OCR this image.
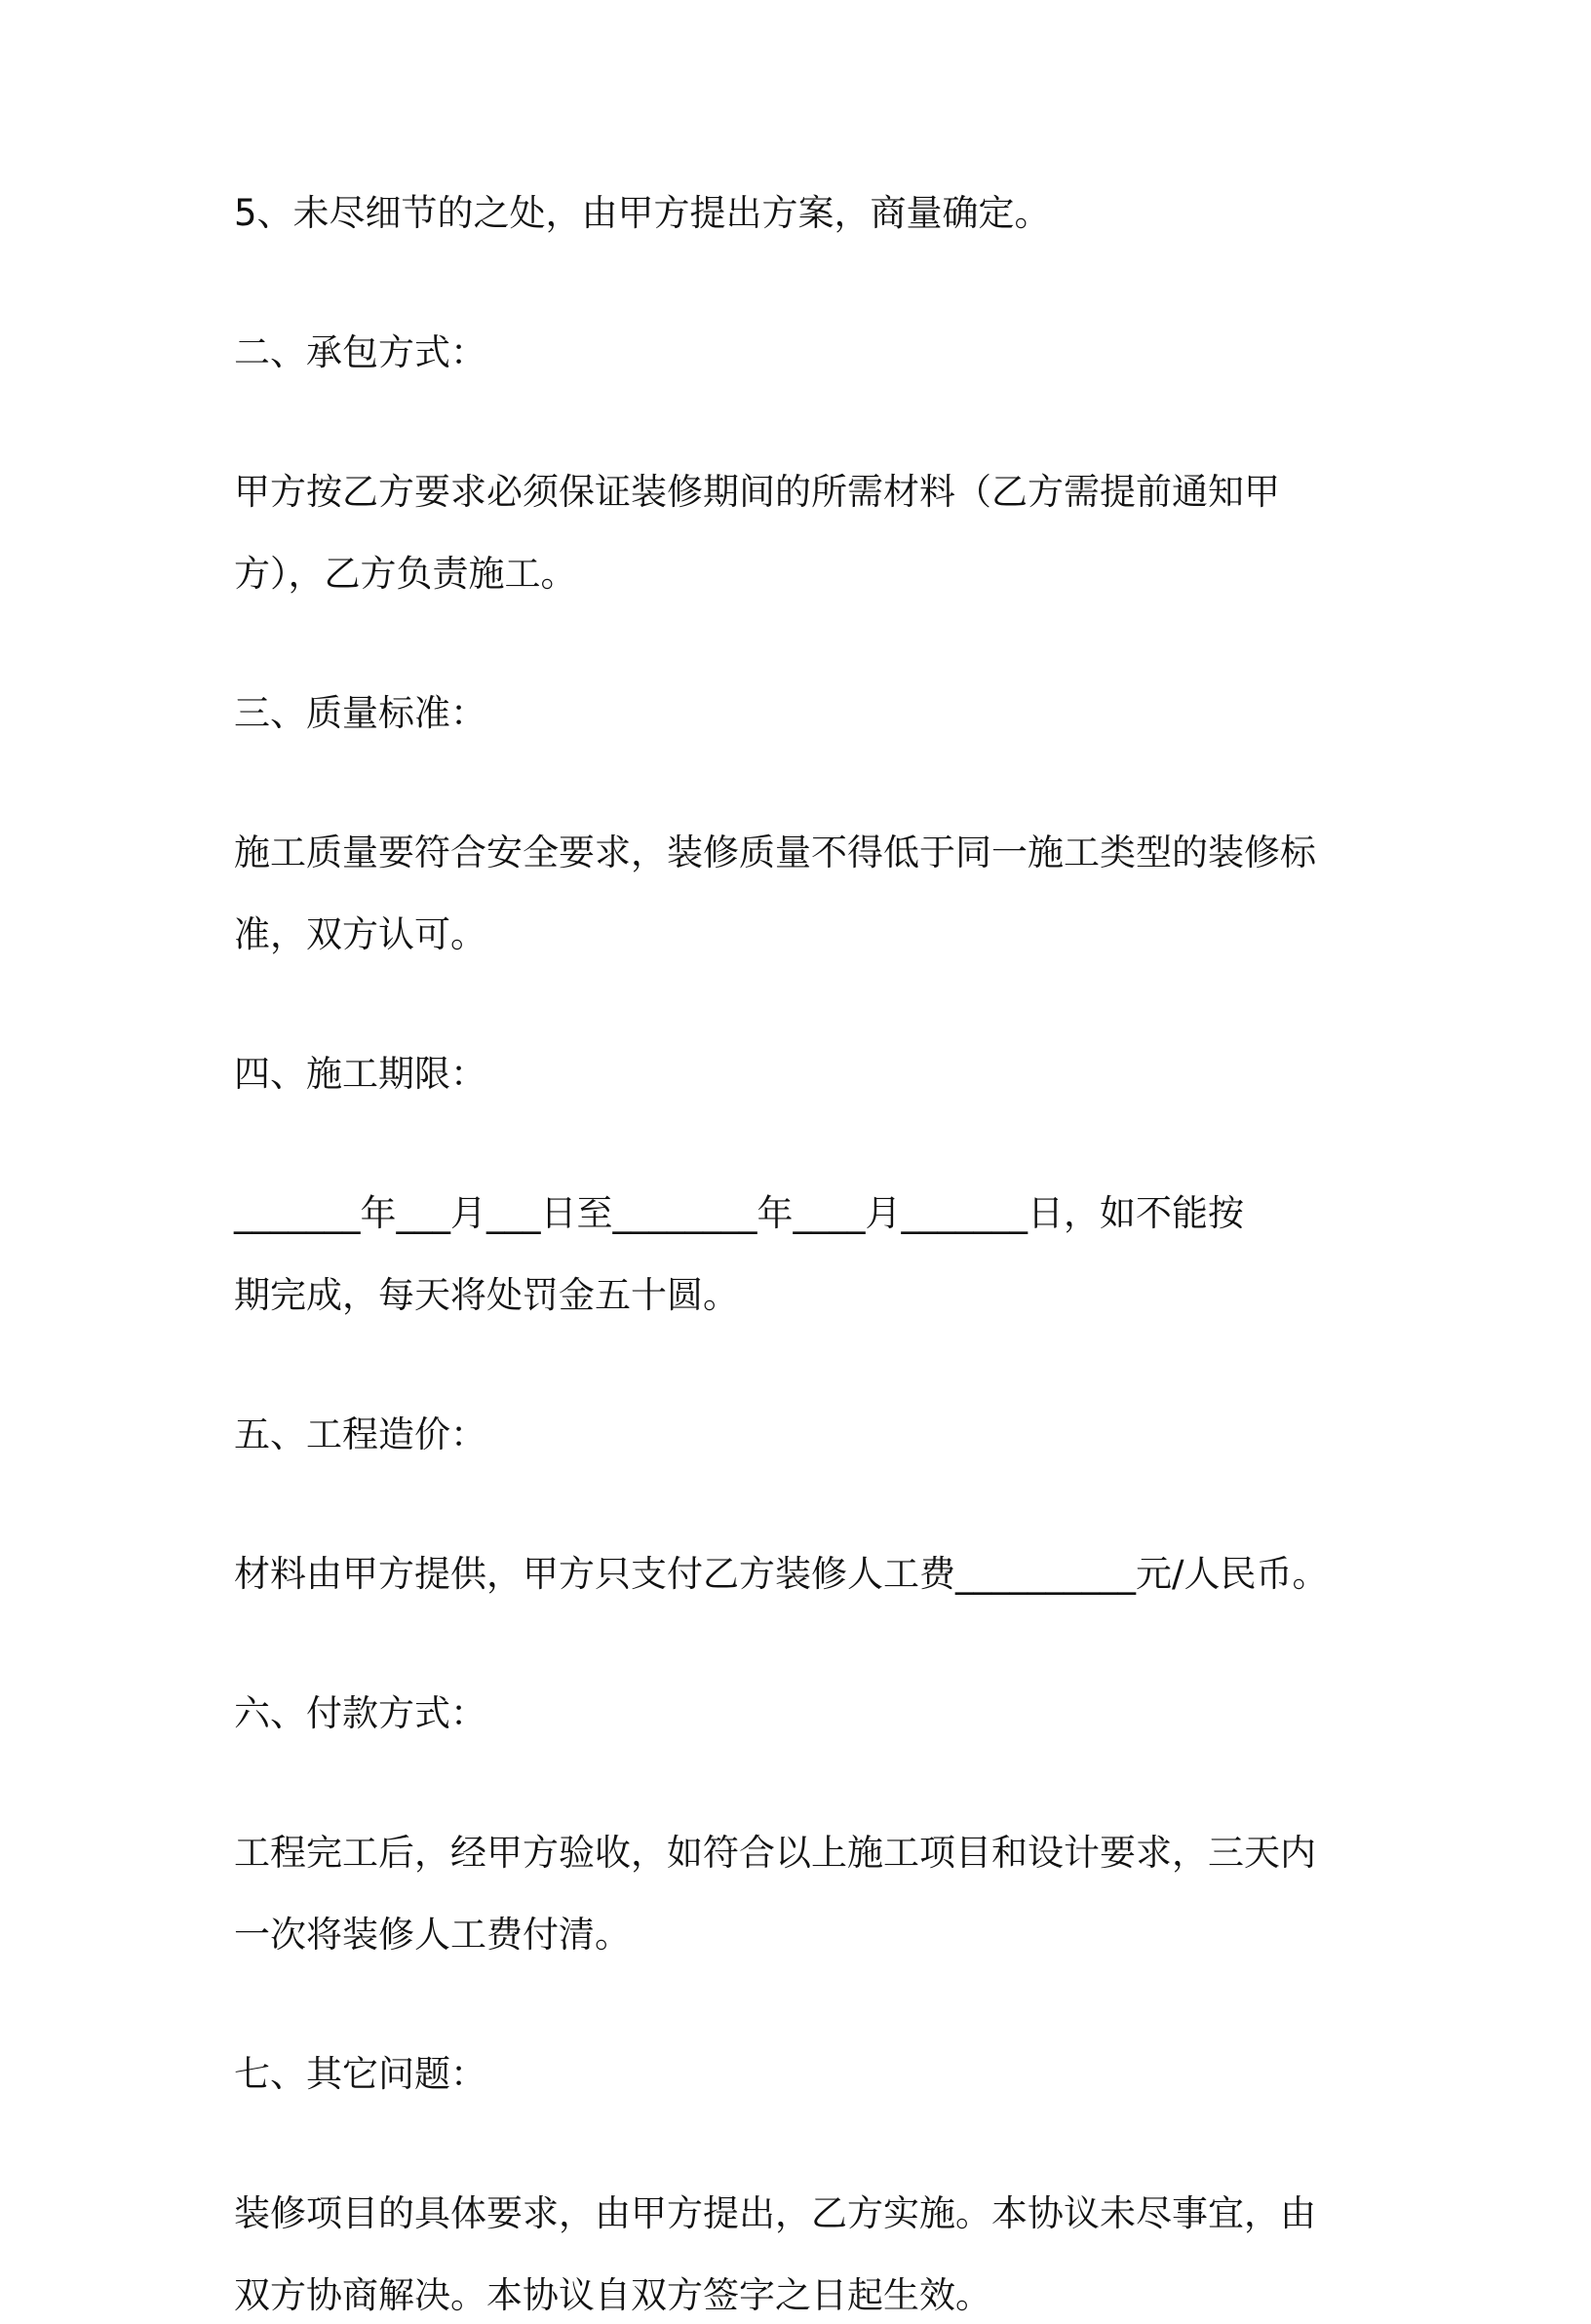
5、未尽细节的之处，由甲方提出方案，商量确定。

二、承包方式：

甲方按乙方要求必须保证装修期间的所需材料（乙方需提前通知甲

方），乙方负责施工。

三、质量标准：

施工质量要符合安全要求，装修质量不得低于同一施工类型的装修标

准，双方认可。

四、施工期限：

_______年___月___日至________年____月_______日，如不能按

期完成，每天将处罚金五十圆。

五、工程造价：

材料由甲方提供，甲方只支付乙方装修人工费__________元/人民币。

六、付款方式：

工程完工后，经甲方验收，如符合以上施工项目和设计要求，三天内

一次将装修人工费付清。

七、其它问题：

装修项目的具体要求，由甲方提出，乙方实施。本协议未尽事宜，由

双方协商解决。本协议自双方签字之日起生效。
